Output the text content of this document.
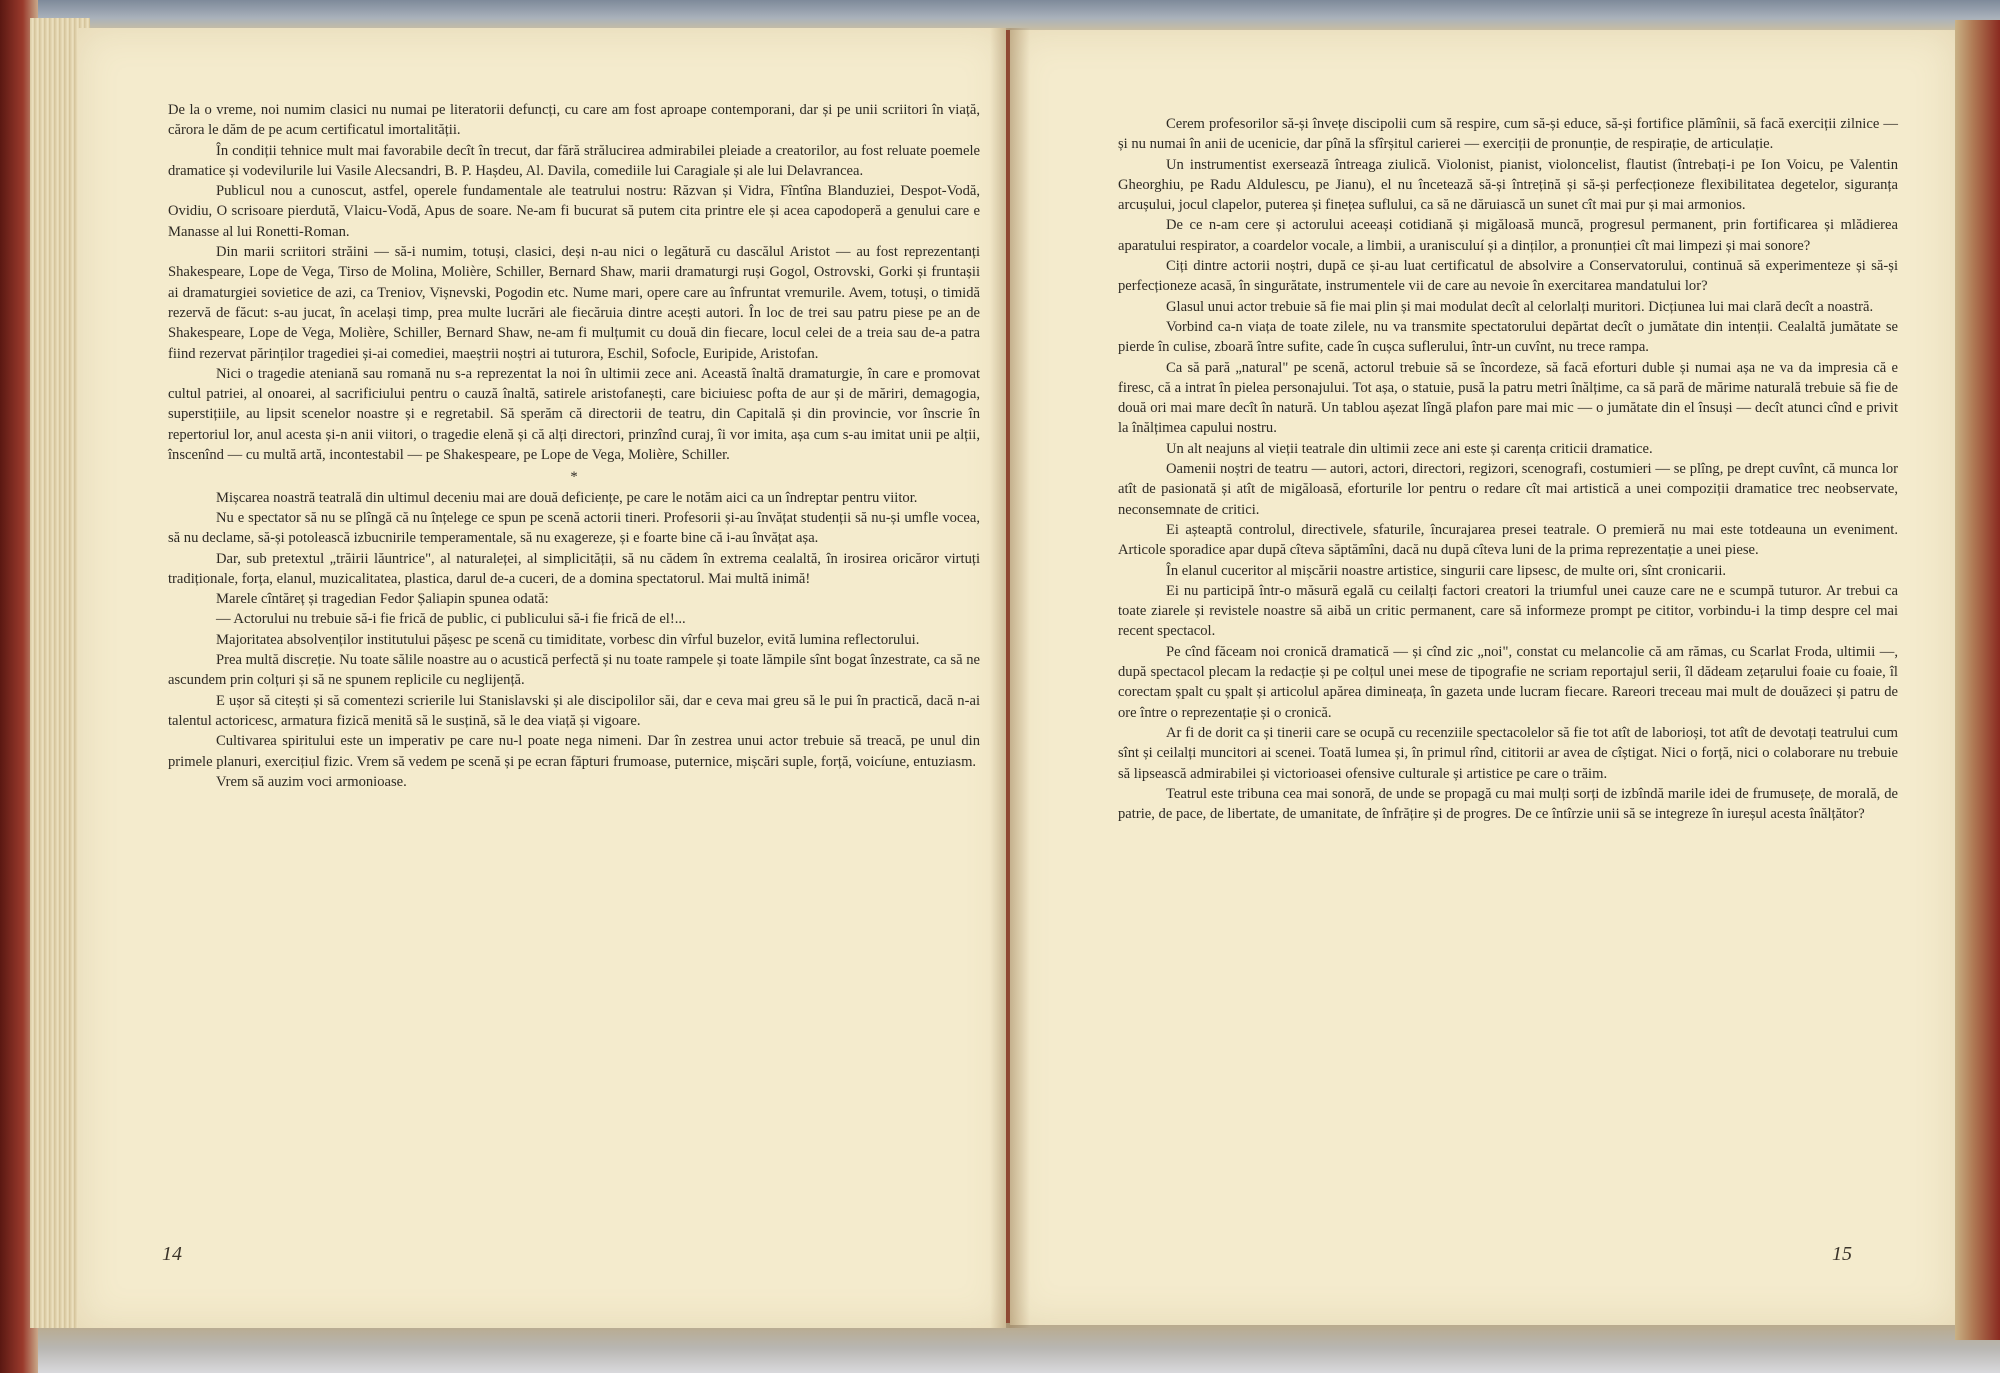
De la o vreme, noi numim clasici nu numai pe literatorii defuncți, cu care am fost aproape contemporani, dar și pe unii scriitori în viață, cărora le dăm de pe acum certificatul imortalității.

În condiții tehnice mult mai favorabile decît în trecut, dar fără strălucirea admirabilei pleiade a creatorilor, au fost reluate poemele dramatice și vodevilurile lui Vasile Alecsandri, B. P. Hașdeu, Al. Davila, comediile lui Caragiale și ale lui Delavrancea.

Publicul nou a cunoscut, astfel, operele fundamentale ale teatrului nostru: Răzvan și Vidra, Fîntîna Blanduziei, Despot-Vodă, Ovidiu, O scrisoare pierdută, Vlaicu-Vodă, Apus de soare. Ne-am fi bucurat să putem cita printre ele și acea capodoperă a genului care e Manasse al lui Ronetti-Roman.

Din marii scriitori străini — să-i numim, totuși, clasici, deși n-au nici o legătură cu dascălul Aristot — au fost reprezentanți Shakespeare, Lope de Vega, Tirso de Molina, Molière, Schiller, Bernard Shaw, marii dramaturgi ruși Gogol, Ostrovski, Gorki și fruntașii ai dramaturgiei sovietice de azi, ca Treniov, Vișnevski, Pogodin etc. Nume mari, opere care au înfruntat vremurile. Avem, totuși, o timidă rezervă de făcut: s-au jucat, în același timp, prea multe lucrări ale fiecăruia dintre acești autori. În loc de trei sau patru piese pe an de Shakespeare, Lope de Vega, Molière, Schiller, Bernard Shaw, ne-am fi mulțumit cu două din fiecare, locul celei de a treia sau de-a patra fiind rezervat părinților tragediei și-ai comediei, maeștrii noștri ai tuturora, Eschil, Sofocle, Euripide, Aristofan.

Nici o tragedie ateniană sau romană nu s-a reprezentat la noi în ultimii zece ani. Această înaltă dramaturgie, în care e promovat cultul patriei, al onoarei, al sacrificiului pentru o cauză înaltă, satirele aristofanești, care biciuiesc pofta de aur și de măriri, demagogia, superstițiile, au lipsit scenelor noastre și e regretabil. Să sperăm că directorii de teatru, din Capitală și din provincie, vor înscrie în repertoriul lor, anul acesta și-n anii viitori, o tragedie elenă și că alți directori, prinzînd curaj, îi vor imita, așa cum s-au imitat unii pe alții, înscenînd — cu multă artă, incontestabil — pe Shakespeare, pe Lope de Vega, Molière, Schiller.

*

Mișcarea noastră teatrală din ultimul deceniu mai are două deficiențe, pe care le notăm aici ca un îndreptar pentru viitor.

Nu e spectator să nu se plîngă că nu înțelege ce spun pe scenă actorii tineri. Profesorii și-au învățat studenții să nu-și umfle vocea, să nu declame, să-și potolească izbucnirile temperamentale, să nu exagereze, și e foarte bine că i-au învățat așa.

Dar, sub pretextul „trăirii lăuntrice", al naturaleței, al simplicității, să nu cădem în extrema cealaltă, în irosirea oricăror virtuți tradiționale, forța, elanul, muzicalitatea, plastica, darul de-a cuceri, de a domina spectatorul. Mai multă inimă!

Marele cîntăreț și tragedian Fedor Șaliapin spunea odată:

— Actorului nu trebuie să-i fie frică de public, ci publicului să-i fie frică de el!...

Majoritatea absolvenților institutului pășesc pe scenă cu timiditate, vorbesc din vîrful buzelor, evită lumina reflectorului.

Prea multă discreție. Nu toate sălile noastre au o acustică perfectă și nu toate rampele și toate lămpile sînt bogat înzestrate, ca să ne ascundem prin colțuri și să ne spunem replicile cu neglijență.

E ușor să citești și să comentezi scrierile lui Stanislavski și ale discipolilor săi, dar e ceva mai greu să le pui în practică, dacă n-ai talentul actoricesc, armatura fizică menită să le susțină, să le dea viață și vigoare.

Cultivarea spiritului este un imperativ pe care nu-l poate nega nimeni. Dar în zestrea unui actor trebuie să treacă, pe unul din primele planuri, exercițiul fizic. Vrem să vedem pe scenă și pe ecran făpturi frumoase, puternice, mișcări suple, forță, voicíune, entuziasm.

Vrem să auzim voci armonioase.

14

Cerem profesorilor să-și învețe discipolii cum să respire, cum să-și educe, să-și fortifice plămînii, să facă exerciții zilnice — și nu numai în anii de ucenicie, dar pînă la sfîrșitul carierei — exerciții de pronunție, de respirație, de articulație.

Un instrumentist exersează întreaga ziulică. Violonist, pianist, violoncelist, flautist (întrebați-i pe Ion Voicu, pe Valentin Gheorghiu, pe Radu Aldulescu, pe Jianu), el nu încetează să-și întrețină și să-și perfecționeze flexibilitatea degetelor, siguranța arcușului, jocul clapelor, puterea și finețea suflului, ca să ne dăruiască un sunet cît mai pur și mai armonios.

De ce n-am cere și actorului aceeași cotidiană și migăloasă muncă, progresul permanent, prin fortificarea și mlădierea aparatului respirator, a coardelor vocale, a limbii, a uranisculuí și a dinților, a pronunției cît mai limpezi și mai sonore?

Ciți dintre actorii noștri, după ce și-au luat certificatul de absolvire a Conservatorului, continuă să experimenteze și să-și perfecționeze acasă, în singurătate, instrumentele vii de care au nevoie în exercitarea mandatului lor?

Glasul unui actor trebuie să fie mai plin și mai modulat decît al celorlalți muritori. Dicțiunea lui mai clară decît a noastră.

Vorbind ca-n viața de toate zilele, nu va transmite spectatorului depărtat decît o jumătate din intenții. Cealaltă jumătate se pierde în culise, zboară între sufite, cade în cușca suflerului, într-un cuvînt, nu trece rampa.

Ca să pară „natural" pe scenă, actorul trebuie să se încordeze, să facă eforturi duble și numai așa ne va da impresia că e firesc, că a intrat în pielea personajului. Tot așa, o statuie, pusă la patru metri înălțime, ca să pară de mărime naturală trebuie să fie de două ori mai mare decît în natură. Un tablou așezat lîngă plafon pare mai mic — o jumătate din el însuși — decît atunci cînd e privit la înălțimea capului nostru.

Un alt neajuns al vieții teatrale din ultimii zece ani este și carența criticii dramatice.

Oamenii noștri de teatru — autori, actori, directori, regizori, scenografi, costumieri — se plîng, pe drept cuvînt, că munca lor atît de pasionată și atît de migăloasă, eforturile lor pentru o redare cît mai artistică a unei compoziții dramatice trec neobservate, neconsemnate de critici.

Ei așteaptă controlul, directivele, sfaturile, încurajarea presei teatrale. O premieră nu mai este totdeauna un eveniment. Articole sporadice apar după cîteva săptămîni, dacă nu după cîteva luni de la prima reprezentație a unei piese.

În elanul cuceritor al mișcării noastre artistice, singurii care lipsesc, de multe ori, sînt cronicarii.

Ei nu participă într-o măsură egală cu ceilalți factori creatori la triumful unei cauze care ne e scumpă tuturor. Ar trebui ca toate ziarele și revistele noastre să aibă un critic permanent, care să informeze prompt pe cititor, vorbindu-i la timp despre cel mai recent spectacol.

Pe cînd făceam noi cronică dramatică — și cînd zic „noi", constat cu melancolie că am rămas, cu Scarlat Froda, ultimii —, după spectacol plecam la redacție și pe colțul unei mese de tipografie ne scriam reportajul serii, îl dădeam zețarului foaie cu foaie, îl corectam șpalt cu șpalt și articolul apărea dimineața, în gazeta unde lucram fiecare. Rareori treceau mai mult de douăzeci și patru de ore între o reprezentație și o cronică.

Ar fi de dorit ca și tinerii care se ocupă cu recenziile spectacolelor să fie tot atît de laborioși, tot atît de devotați teatrului cum sînt și ceilalți muncitori ai scenei. Toată lumea și, în primul rînd, cititorii ar avea de cîștigat. Nici o forță, nici o colaborare nu trebuie să lipsească admirabilei și victorioasei ofensive culturale și artistice pe care o trăim.

Teatrul este tribuna cea mai sonoră, de unde se propagă cu mai mulți sorți de izbîndă marile idei de frumusețe, de morală, de patrie, de pace, de libertate, de umanitate, de înfrățire și de progres. De ce întîrzie unii să se integreze în iureșul acesta înălțător?

15
